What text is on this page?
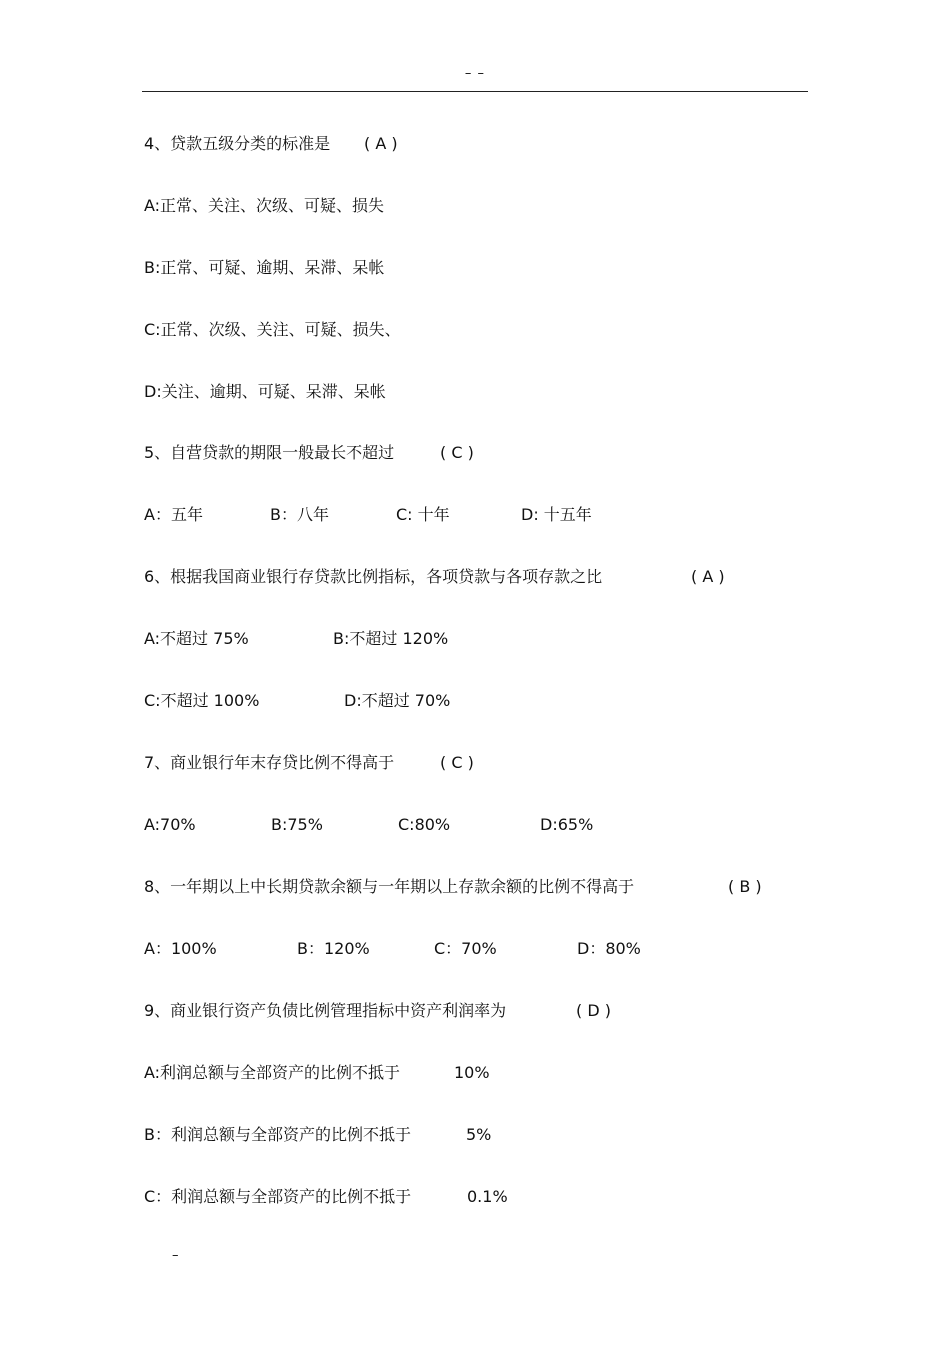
– –
4、贷款五级分类的标准是 ( A )
A:正常、关注、次级、可疑、损失
B:正常、可疑、逾期、呆滞、呆帐
C:正常、次级、关注、可疑、损失、
D:关注、逾期、可疑、呆滞、呆帐
5、自营贷款的期限一般最长不超过	( C )
A：五年	B：八年	C: 十年	D: 十五年
6、根据我国商业银行存贷款比例指标，各项贷款与各项存款之比	( A )
A:不超过 75%	B:不超过 120%
C:不超过 100%	D:不超过 70%
7、商业银行年末存贷比例不得高于	( C )
A:70%	B:75%	C:80%	D:65%
8、一年期以上中长期贷款余额与一年期以上存款余额的比例不得高于	( B )
A：100%	B：120%	C：70%	D：80%
9、商业银行资产负债比例管理指标中资产利润率为	( D )
A:利润总额与全部资产的比例不抵于	10%
B：利润总额与全部资产的比例不抵于	5%
C：利润总额与全部资产的比例不抵于	0.1%
–
